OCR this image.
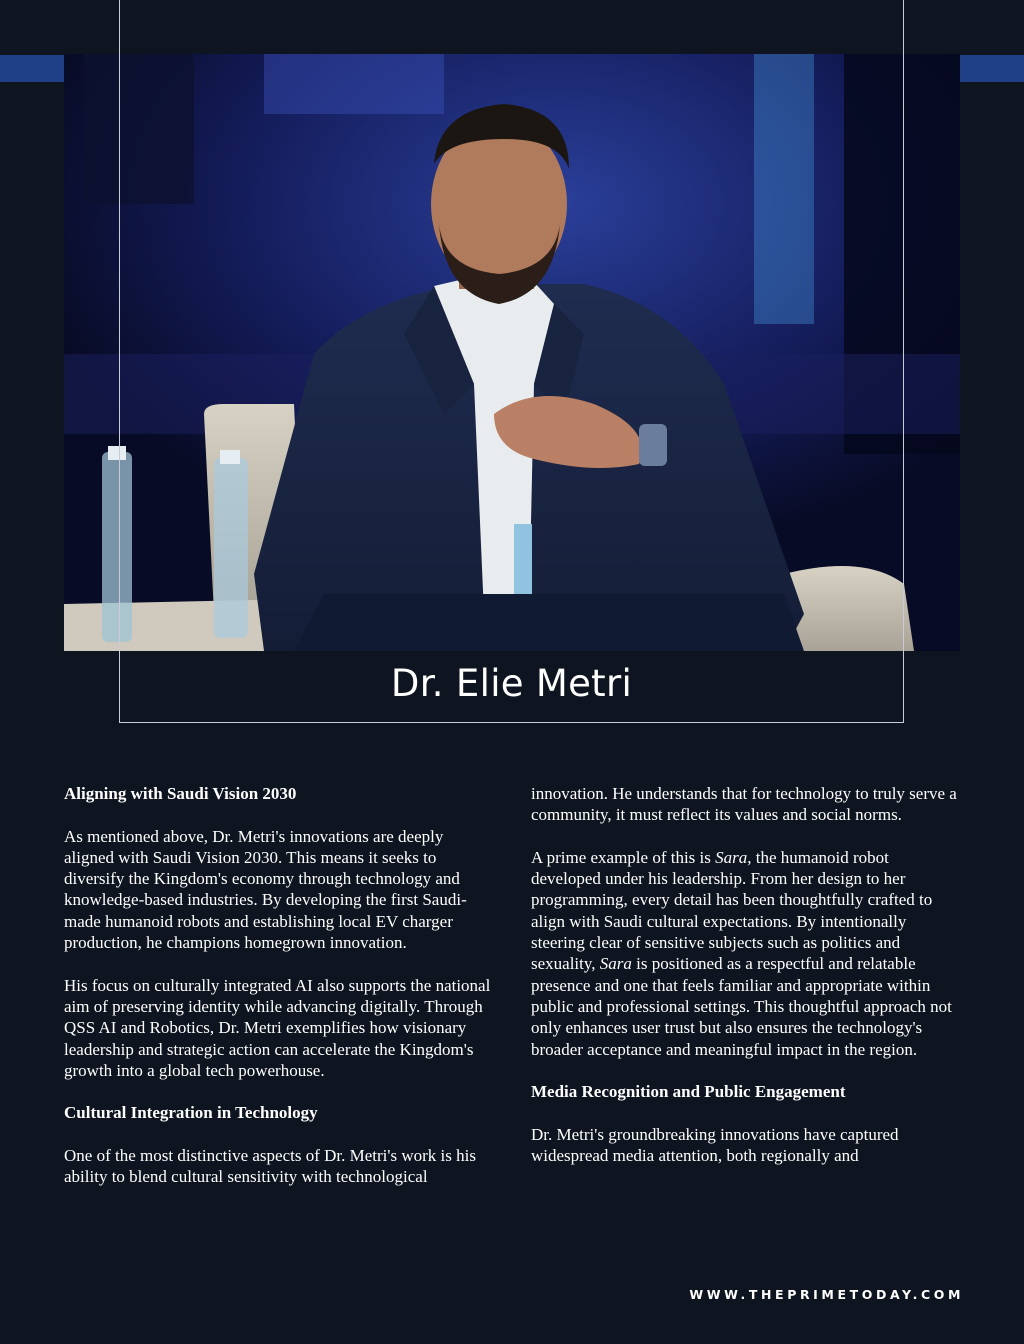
Dr. Elie Metri
Aligning with Saudi Vision 2030

As mentioned above, Dr. Metri's innovations are deeply aligned with Saudi Vision 2030. This means it seeks to diversify the Kingdom's economy through technology and knowledge-based industries. By developing the first Saudi-made humanoid robots and establishing local EV charger production, he champions homegrown innovation.

His focus on culturally integrated AI also supports the national aim of preserving identity while advancing digitally. Through QSS AI and Robotics, Dr. Metri exemplifies how visionary leadership and strategic action can accelerate the Kingdom's growth into a global tech powerhouse.

Cultural Integration in Technology

One of the most distinctive aspects of Dr. Metri's work is his ability to blend cultural sensitivity with technological

innovation. He understands that for technology to truly serve a community, it must reflect its values and social norms.

A prime example of this is Sara, the humanoid robot developed under his leadership. From her design to her programming, every detail has been thoughtfully crafted to align with Saudi cultural expectations. By intentionally steering clear of sensitive subjects such as politics and sexuality, Sara is positioned as a respectful and relatable presence and one that feels familiar and appropriate within public and professional settings. This thoughtful approach not only enhances user trust but also ensures the technology's broader acceptance and meaningful impact in the region.

Media Recognition and Public Engagement

Dr. Metri's groundbreaking innovations have captured widespread media attention, both regionally and

WWW.THEPRIMETODAY.COM
